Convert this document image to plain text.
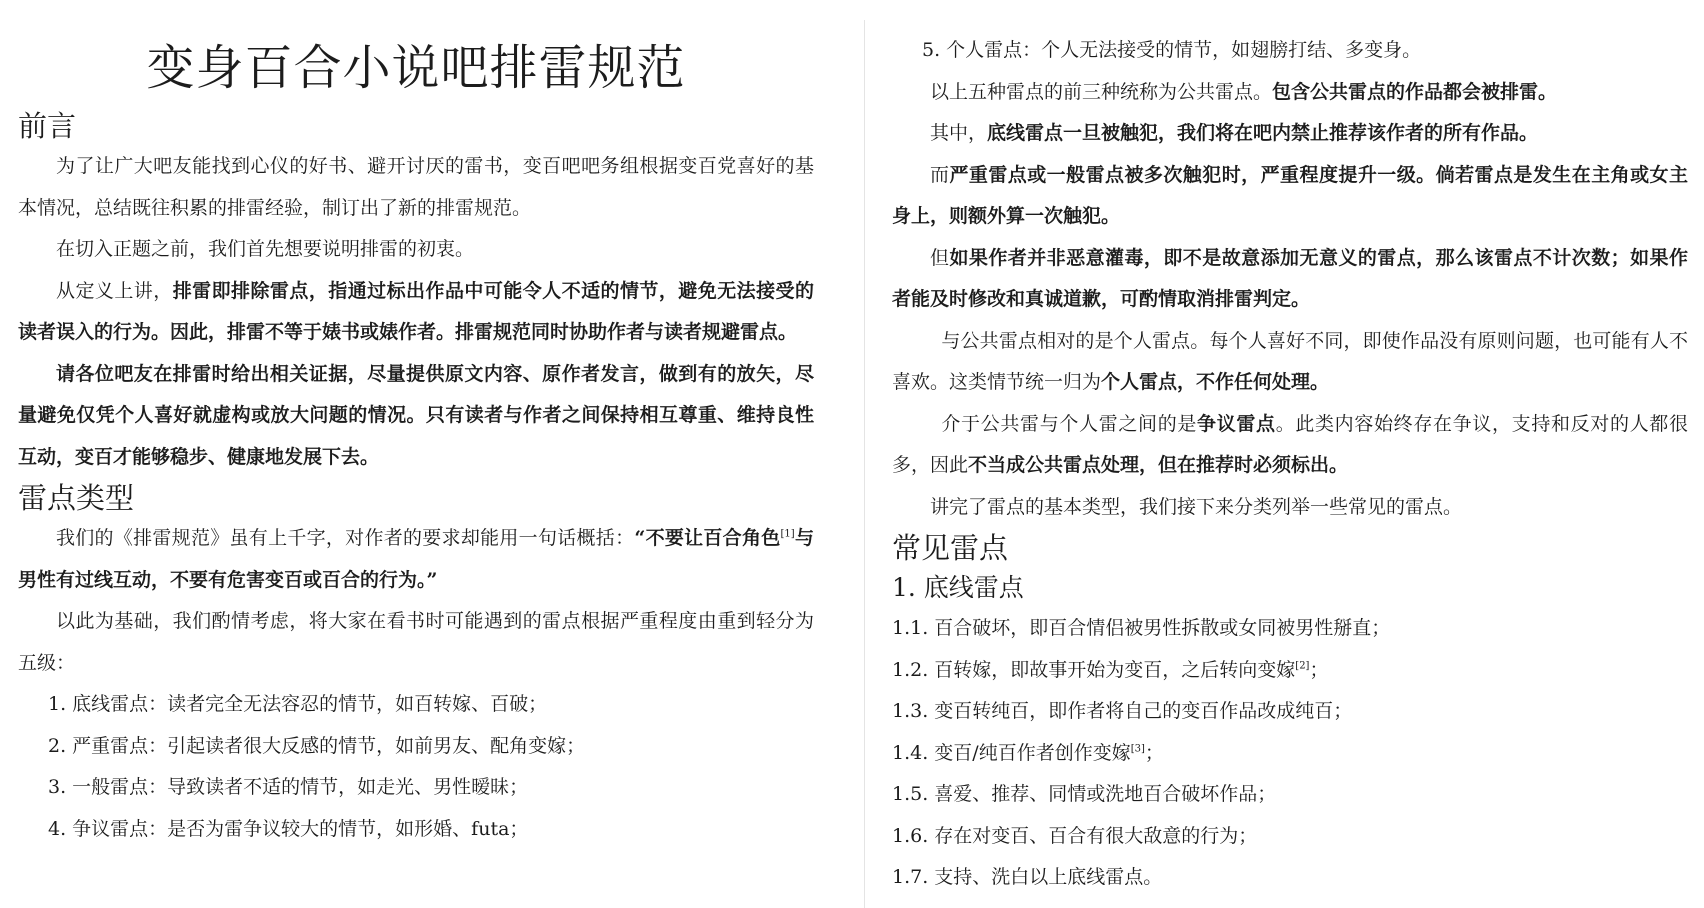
变身百合小说吧排雷规范
前言

为了让广大吧友能找到心仪的好书、避开讨厌的雷书，变百吧吧务组根据变百党喜好的基本情况，总结既往积累的排雷经验，制订出了新的排雷规范。

在切入正题之前，我们首先想要说明排雷的初衷。

从定义上讲，排雷即排除雷点，指通过标出作品中可能令人不适的情节，避免无法接受的读者误入的行为。因此，排雷不等于婊书或婊作者。排雷规范同时协助作者与读者规避雷点。

请各位吧友在排雷时给出相关证据，尽量提供原文内容、原作者发言，做到有的放矢，尽量避免仅凭个人喜好就虚构或放大问题的情况。只有读者与作者之间保持相互尊重、维持良性互动，变百才能够稳步、健康地发展下去。

雷点类型

我们的《排雷规范》虽有上千字，对作者的要求却能用一句话概括：“不要让百合角色[1]与男性有过线互动，不要有危害变百或百合的行为。”

以此为基础，我们酌情考虑，将大家在看书时可能遇到的雷点根据严重程度由重到轻分为五级：

1. 底线雷点：读者完全无法容忍的情节，如百转嫁、百破；

2. 严重雷点：引起读者很大反感的情节，如前男友、配角变嫁；

3. 一般雷点：导致读者不适的情节，如走光、男性暧昧；

4. 争议雷点：是否为雷争议较大的情节，如形婚、futa；

5. 个人雷点：个人无法接受的情节，如翅膀打结、多变身。

以上五种雷点的前三种统称为公共雷点。包含公共雷点的作品都会被排雷。

其中，底线雷点一旦被触犯，我们将在吧内禁止推荐该作者的所有作品。

而严重雷点或一般雷点被多次触犯时，严重程度提升一级。倘若雷点是发生在主角或女主身上，则额外算一次触犯。

但如果作者并非恶意灌毒，即不是故意添加无意义的雷点，那么该雷点不计次数；如果作者能及时修改和真诚道歉，可酌情取消排雷判定。

与公共雷点相对的是个人雷点。每个人喜好不同，即使作品没有原则问题，也可能有人不喜欢。这类情节统一归为个人雷点，不作任何处理。

介于公共雷与个人雷之间的是争议雷点。此类内容始终存在争议，支持和反对的人都很多，因此不当成公共雷点处理，但在推荐时必须标出。

讲完了雷点的基本类型，我们接下来分类列举一些常见的雷点。

常见雷点
1. 底线雷点

1.1. 百合破坏，即百合情侣被男性拆散或女同被男性掰直；

1.2. 百转嫁，即故事开始为变百，之后转向变嫁[2]；

1.3. 变百转纯百，即作者将自己的变百作品改成纯百；

1.4. 变百/纯百作者创作变嫁[3]；

1.5. 喜爱、推荐、同情或洗地百合破坏作品；

1.6. 存在对变百、百合有很大敌意的行为；

1.7. 支持、洗白以上底线雷点。
